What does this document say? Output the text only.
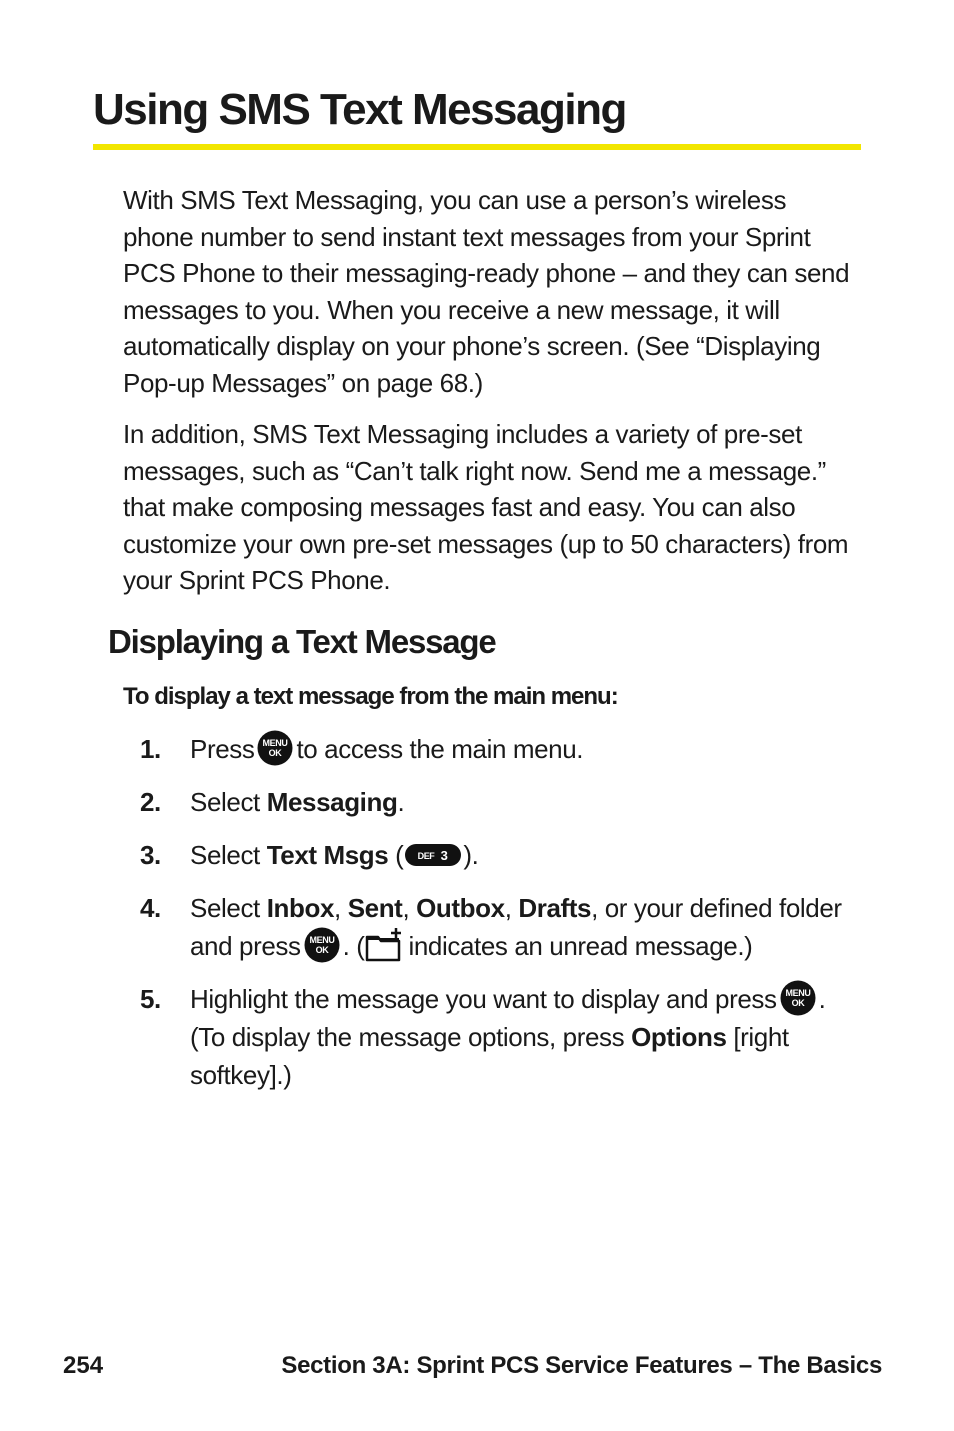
Using SMS Text Messaging

With SMS Text Messaging, you can use a person’s wireless phone number to send instant text messages from your Sprint PCS Phone to their messaging-ready phone – and they can send messages to you. When you receive a new message, it will automatically display on your phone’s screen. (See “Displaying Pop-up Messages” on page 68.)

In addition, SMS Text Messaging includes a variety of pre-set messages, such as “Can’t talk right now. Send me a message.” that make composing messages fast and easy. You can also customize your own pre-set messages (up to 50 characters) from your Sprint PCS Phone.

Displaying a Text Message

To display a text message from the main menu:

1. Press MENU
OK to access the main menu.
2. Select Messaging.
3. Select Text Msgs ( DEF 3 ).
4. Select Inbox, Sent, Outbox, Drafts, or your defined folder and press MENU
OK . ( indicates an unread message.)
5. Highlight the message you want to display and press MENU
OK . (To display the message options, press Options [right softkey].)

254	Section 3A: Sprint PCS Service Features – The Basics
